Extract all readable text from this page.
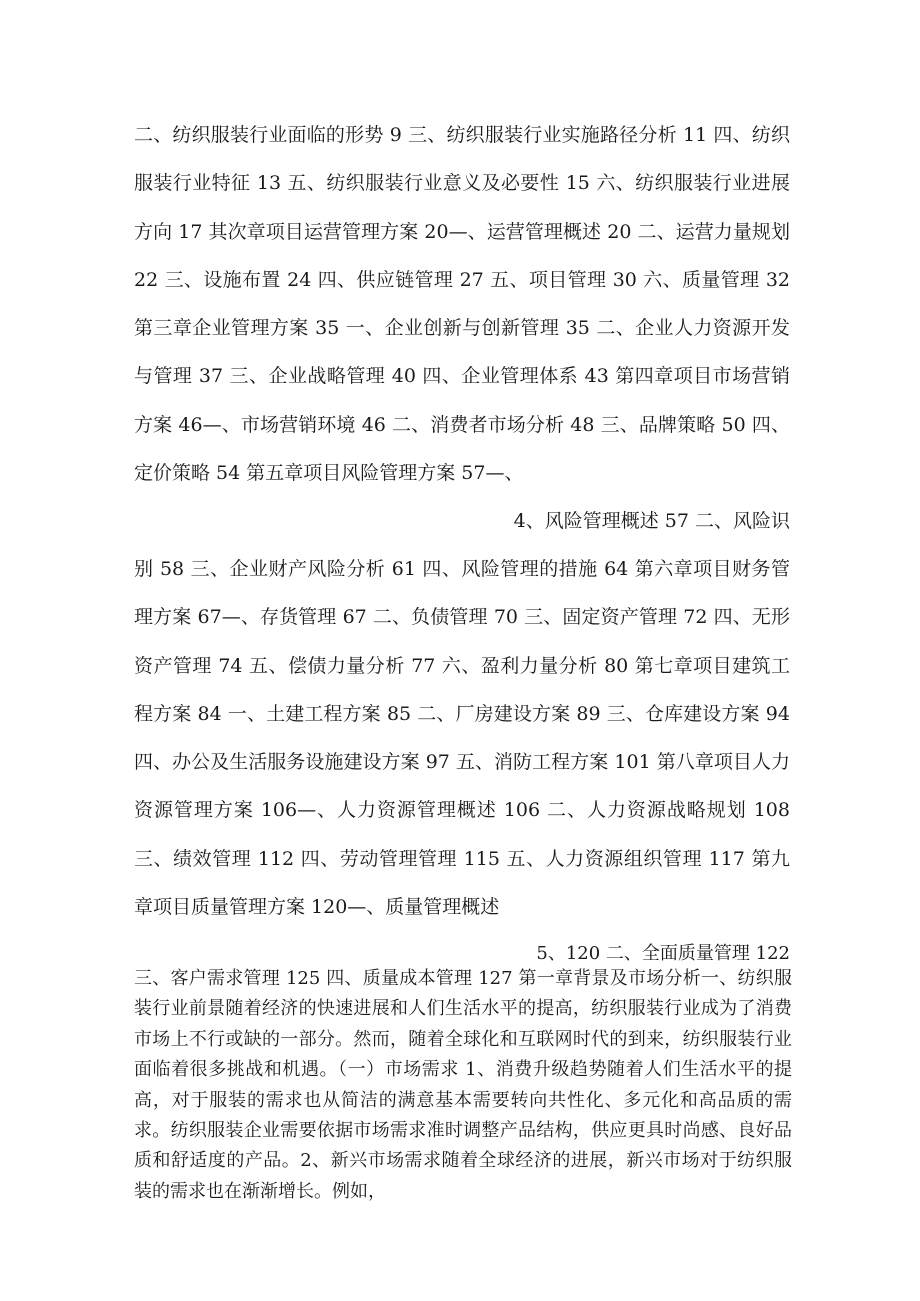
二、纺织服装行业面临的形势 9 三、纺织服装行业实施路径分析 11 四、纺织服装行业特征 13 五、纺织服装行业意义及必要性 15 六、纺织服装行业进展方向 17 其次章项目运营管理方案 20—、运营管理概述 20 二、运营力量规划 22 三、设施布置 24 四、供应链管理 27 五、项目管理 30 六、质量管理 32 第三章企业管理方案 35 一、企业创新与创新管理 35 二、企业人力资源开发与管理 37 三、企业战略管理 40 四、企业管理体系 43 第四章项目市场营销方案 46—、市场营销环境 46 二、消费者市场分析 48 三、品牌策略 50 四、定价策略 54 第五章项目风险管理方案 57—、
4、风险管理概述 57 二、风险识
别 58 三、企业财产风险分析 61 四、风险管理的措施 64 第六章项目财务管理方案 67—、存货管理 67 二、负债管理 70 三、固定资产管理 72 四、无形资产管理 74 五、偿债力量分析 77 六、盈利力量分析 80 第七章项目建筑工程方案 84 一、土建工程方案 85 二、厂房建设方案 89 三、仓库建设方案 94 四、办公及生活服务设施建设方案 97 五、消防工程方案 101 第八章项目人力资源管理方案 106—、人力资源管理概述 106 二、人力资源战略规划 108 三、绩效管理 112 四、劳动管理管理 115 五、人力资源组织管理 117 第九章项目质量管理方案 120—、质量管理概述
5、120 二、全面质量管理 122
三、客户需求管理 125 四、质量成本管理 127 第一章背景及市场分析一、纺织服装行业前景随着经济的快速进展和人们生活水平的提高，纺织服装行业成为了消费市场上不行或缺的一部分。然而，随着全球化和互联网时代的到来，纺织服装行业面临着很多挑战和机遇。（一）市场需求 1、消费升级趋势随着人们生活水平的提高，对于服装的需求也从简洁的满意基本需要转向共性化、多元化和高品质的需求。纺织服装企业需要依据市场需求准时调整产品结构，供应更具时尚感、良好品质和舒适度的产品。2、新兴市场需求随着全球经济的进展，新兴市场对于纺织服装的需求也在渐渐增长。例如，
